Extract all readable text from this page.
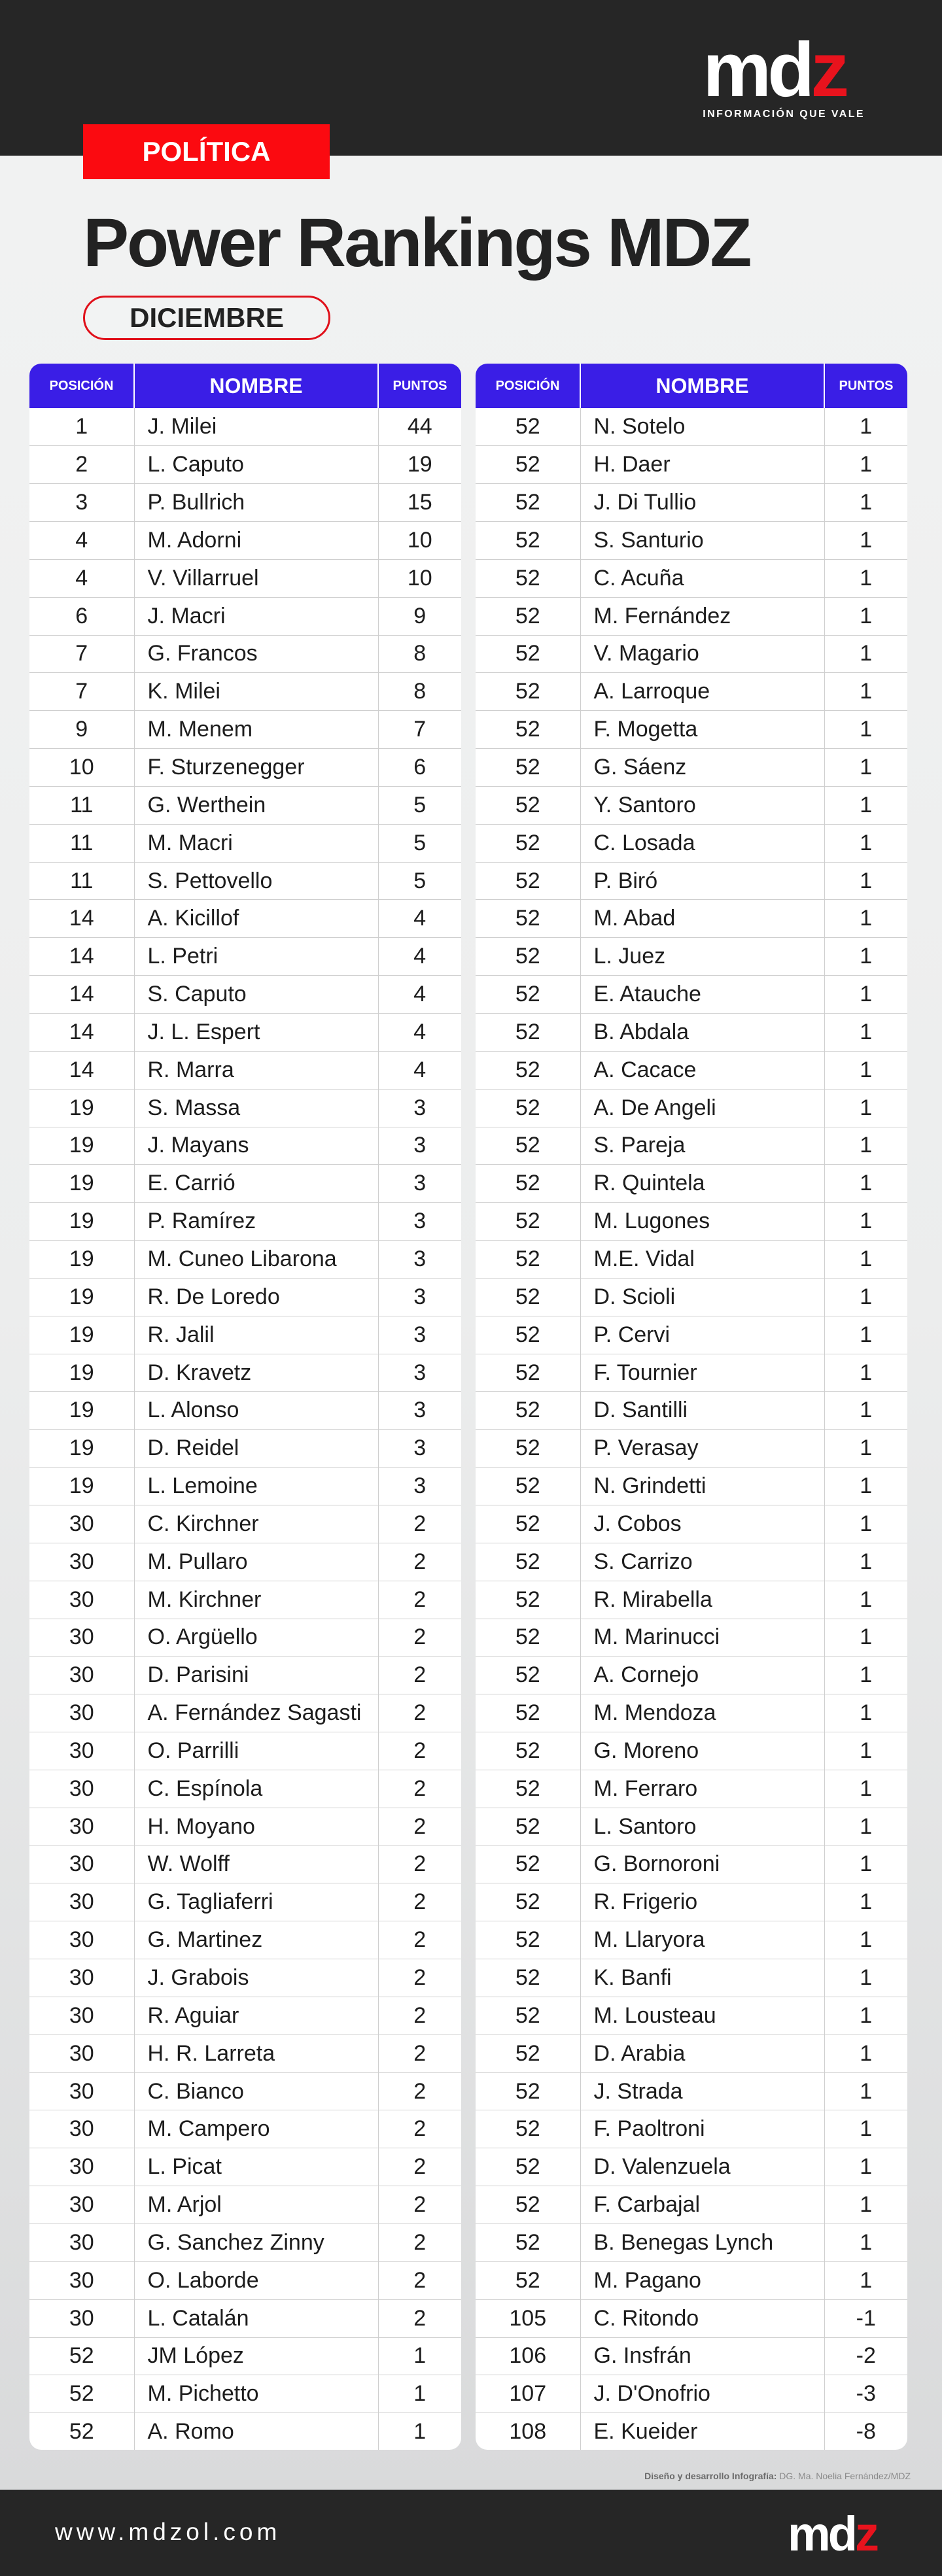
mdz
INFORMACIÓN QUE VALE
POLÍTICA
Power Rankings MDZ
DICIEMBRE
POSICIÓN	NOMBRE	PUNTOS
1	J. Milei	44
2	L. Caputo	19
3	P. Bullrich	15
4	M. Adorni	10
4	V. Villarruel	10
6	J. Macri	9
7	G. Francos	8
7	K. Milei	8
9	M. Menem	7
10	F. Sturzenegger	6
11	G. Werthein	5
11	M. Macri	5
11	S. Pettovello	5
14	A. Kicillof	4
14	L. Petri	4
14	S. Caputo	4
14	J. L. Espert	4
14	R. Marra	4
19	S. Massa	3
19	J. Mayans	3
19	E. Carrió	3
19	P. Ramírez	3
19	M. Cuneo Libarona	3
19	R. De Loredo	3
19	R. Jalil	3
19	D. Kravetz	3
19	L. Alonso	3
19	D. Reidel	3
19	L. Lemoine	3
30	C. Kirchner	2
30	M. Pullaro	2
30	M. Kirchner	2
30	O. Argüello	2
30	D. Parisini	2
30	A. Fernández Sagasti	2
30	O. Parrilli	2
30	C. Espínola	2
30	H. Moyano	2
30	W. Wolff	2
30	G. Tagliaferri	2
30	G. Martinez	2
30	J. Grabois	2
30	R. Aguiar	2
30	H. R. Larreta	2
30	C. Bianco	2
30	M. Campero	2
30	L. Picat	2
30	M. Arjol	2
30	G. Sanchez Zinny	2
30	O. Laborde	2
30	L. Catalán	2
52	JM López	1
52	M. Pichetto	1
52	A. Romo	1
POSICIÓN	NOMBRE	PUNTOS
52	N. Sotelo	1
52	H. Daer	1
52	J. Di Tullio	1
52	S. Santurio	1
52	C. Acuña	1
52	M. Fernández	1
52	V. Magario	1
52	A. Larroque	1
52	F. Mogetta	1
52	G. Sáenz	1
52	Y. Santoro	1
52	C. Losada	1
52	P. Biró	1
52	M. Abad	1
52	L. Juez	1
52	E. Atauche	1
52	B. Abdala	1
52	A. Cacace	1
52	A. De Angeli	1
52	S. Pareja	1
52	R. Quintela	1
52	M. Lugones	1
52	M.E. Vidal	1
52	D. Scioli	1
52	P. Cervi	1
52	F. Tournier	1
52	D. Santilli	1
52	P. Verasay	1
52	N. Grindetti	1
52	J. Cobos	1
52	S. Carrizo	1
52	R. Mirabella	1
52	M. Marinucci	1
52	A. Cornejo	1
52	M. Mendoza	1
52	G. Moreno	1
52	M. Ferraro	1
52	L. Santoro	1
52	G. Bornoroni	1
52	R. Frigerio	1
52	M. Llaryora	1
52	K. Banfi	1
52	M. Lousteau	1
52	D. Arabia	1
52	J. Strada	1
52	F. Paoltroni	1
52	D. Valenzuela	1
52	F. Carbajal	1
52	B. Benegas Lynch	1
52	M. Pagano	1
105	C. Ritondo	-1
106	G. Insfrán	-2
107	J. D'Onofrio	-3
108	E. Kueider	-8
Diseño y desarrollo Infografía: DG. Ma. Noelia Fernández/MDZ
www.mdzol.com	mdz
